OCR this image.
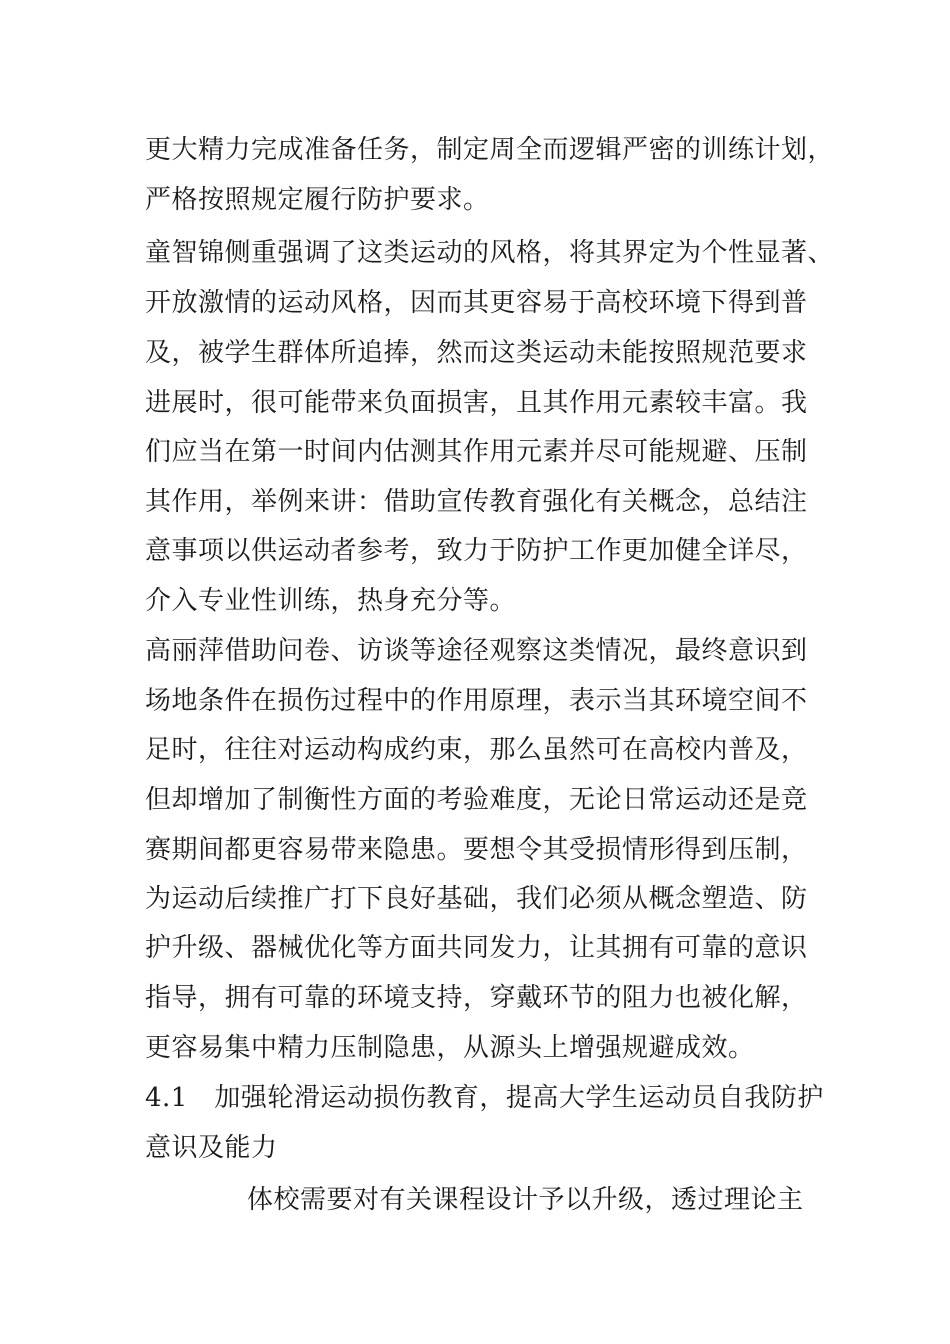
更大精力完成准备任务，制定周全而逻辑严密的训练计划，
严格按照规定履行防护要求。
童智锦侧重强调了这类运动的风格，将其界定为个性显著、
开放激情的运动风格，因而其更容易于高校环境下得到普
及，被学生群体所追捧，然而这类运动未能按照规范要求
进展时，很可能带来负面损害，且其作用元素较丰富。我
们应当在第一时间内估测其作用元素并尽可能规避、压制
其作用，举例来讲：借助宣传教育强化有关概念，总结注
意事项以供运动者参考，致力于防护工作更加健全详尽，
介入专业性训练，热身充分等。
高丽萍借助问卷、访谈等途径观察这类情况，最终意识到
场地条件在损伤过程中的作用原理，表示当其环境空间不
足时，往往对运动构成约束，那么虽然可在高校内普及，
但却增加了制衡性方面的考验难度，无论日常运动还是竞
赛期间都更容易带来隐患。要想令其受损情形得到压制，
为运动后续推广打下良好基础，我们必须从概念塑造、防
护升级、器械优化等方面共同发力，让其拥有可靠的意识
指导，拥有可靠的环境支持，穿戴环节的阻力也被化解，
更容易集中精力压制隐患，从源头上增强规避成效。
4.1　加强轮滑运动损伤教育，提高大学生运动员自我防护
意识及能力
体校需要对有关课程设计予以升级，透过理论主
